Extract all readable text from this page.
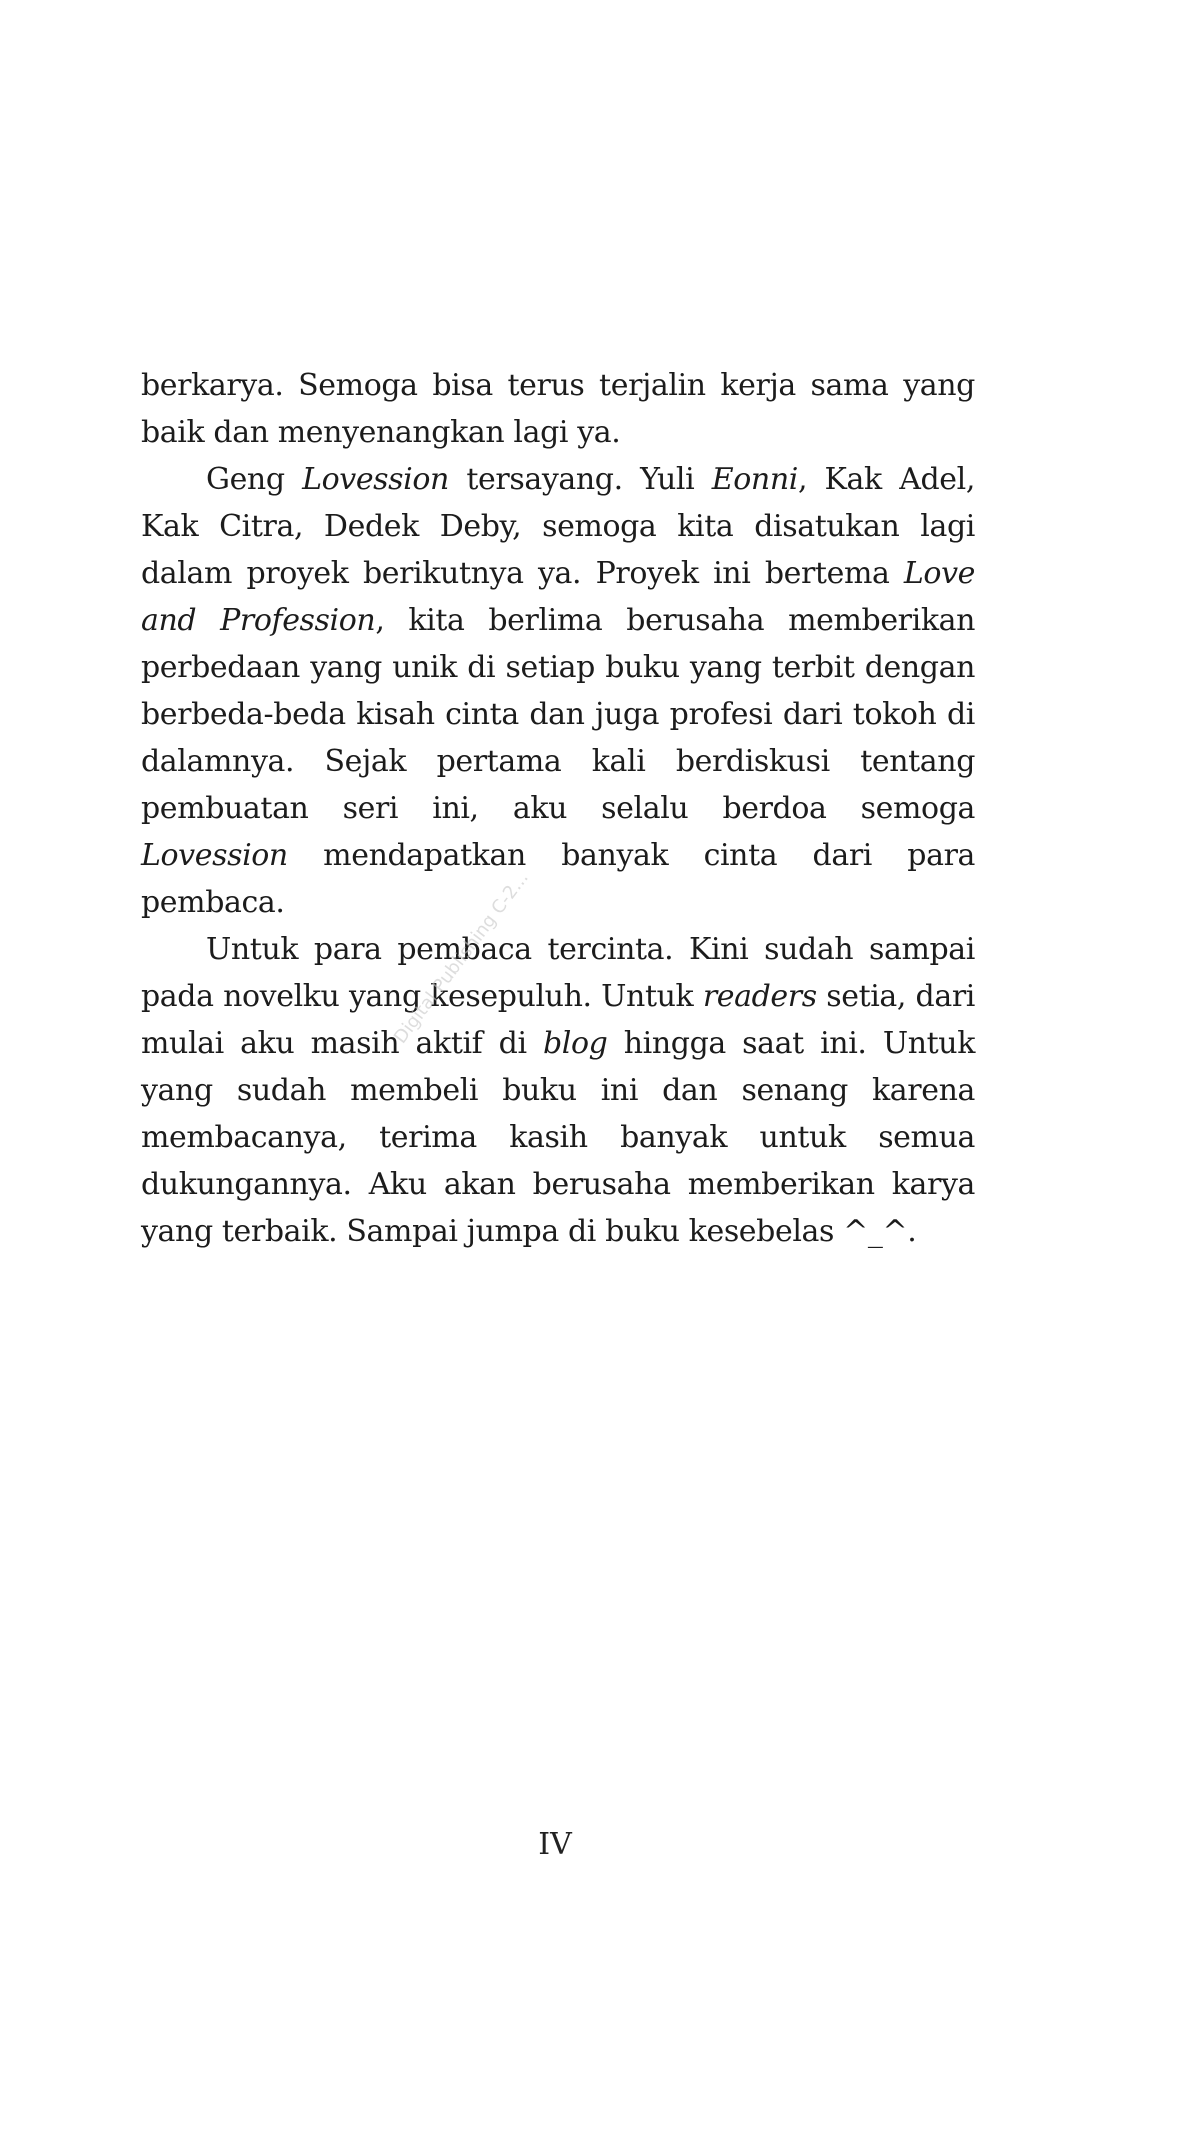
berkarya. Semoga bisa terus terjalin kerja sama yang baik dan menyenangkan lagi ya.

Geng Lovession tersayang. Yuli Eonni, Kak Adel, Kak Citra, Dedek Deby, semoga kita disatukan lagi dalam proyek berikutnya ya. Proyek ini bertema Love and Profession, kita berlima berusaha memberikan perbedaan yang unik di setiap buku yang terbit dengan berbeda-beda kisah cinta dan juga profesi dari tokoh di dalamnya. Sejak pertama kali berdiskusi tentang pembuatan seri ini, aku selalu berdoa semoga Lovession mendapatkan banyak cinta dari para pembaca.

Untuk para pembaca tercinta. Kini sudah sampai pada novelku yang kesepuluh. Untuk readers setia, dari mulai aku masih aktif di blog hingga saat ini. Untuk yang sudah membeli buku ini dan senang karena membacanya, terima kasih banyak untuk semua dukungannya. Aku akan berusaha memberikan karya yang terbaik. Sampai jumpa di buku kesebelas ^_^.

IV
Digital Publishing C-2...
